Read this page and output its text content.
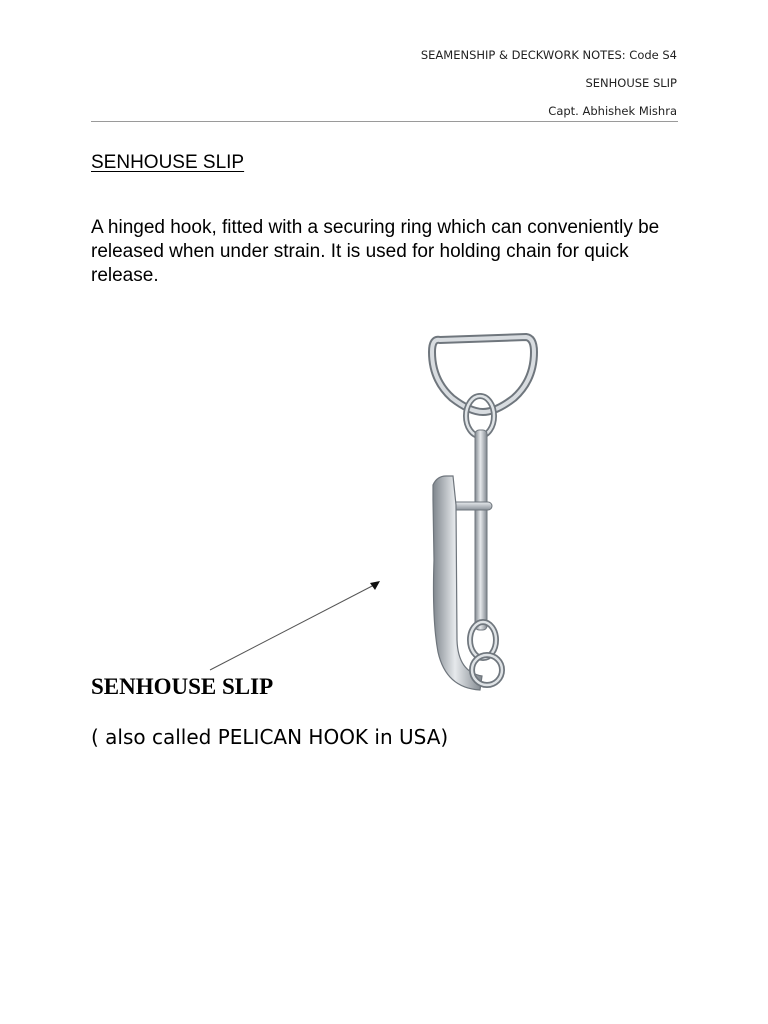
SEAMENSHIP & DECKWORK NOTES: Code S4
SENHOUSE SLIP
Capt. Abhishek Mishra
SENHOUSE SLIP
A hinged hook, fitted with a securing ring which can conveniently be released when under strain. It is used for holding chain for quick release.
SENHOUSE SLIP
( also called PELICAN HOOK in USA)
